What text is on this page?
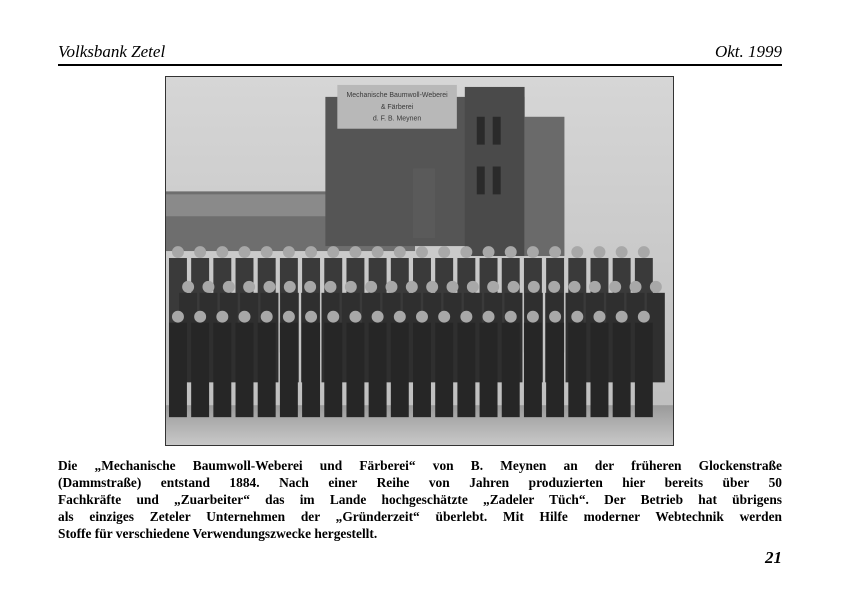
Volksbank Zetel	Okt. 1999
Mechanische Baumwoll-Weberei
& Färberei
d. F. B. Meynen
Die „Mechanische Baumwoll-Weberei und Färberei“ von B. Meynen an der früheren Glockenstraße
(Dammstraße) entstand 1884. Nach einer Reihe von Jahren produzierten hier bereits über 50
Fachkräfte und „Zuarbeiter“ das im Lande hochgeschätzte „Zadeler Tüch“. Der Betrieb hat übrigens
als einziges Zeteler Unternehmen der „Gründerzeit“ überlebt. Mit Hilfe moderner Webtechnik werden
Stoffe für verschiedene Verwendungszwecke hergestellt.
21
